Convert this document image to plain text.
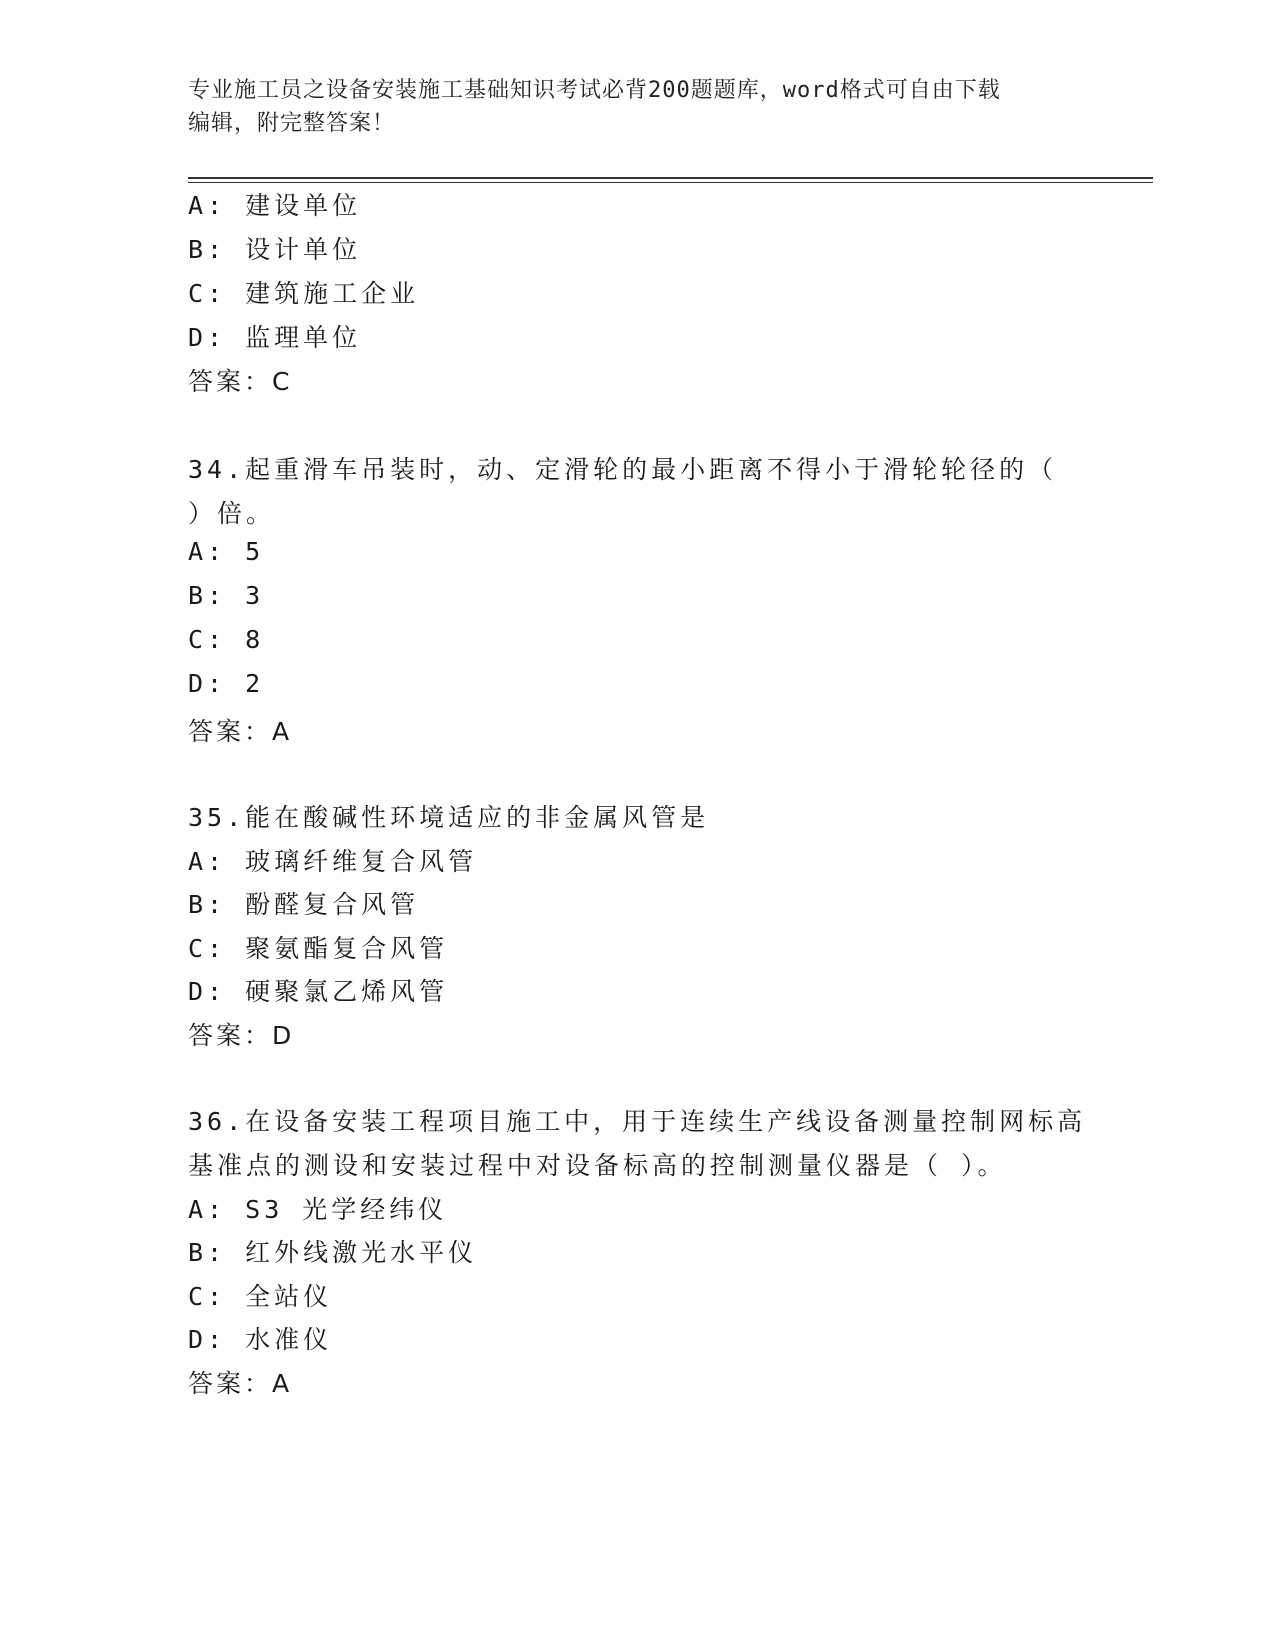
专业施工员之设备安装施工基础知识考试必背200题题库，word格式可自由下载
编辑，附完整答案！
A: 建设单位
B: 设计单位
C: 建筑施工企业
D: 监理单位
答案：C
34.起重滑车吊装时，动、定滑轮的最小距离不得小于滑轮轮径的（
）倍。
A: 5
B: 3
C: 8
D: 2
答案：A
35.能在酸碱性环境适应的非金属风管是
A: 玻璃纤维复合风管
B: 酚醛复合风管
C: 聚氨酯复合风管
D: 硬聚氯乙烯风管
答案：D
36.在设备安装工程项目施工中，用于连续生产线设备测量控制网标高
基准点的测设和安装过程中对设备标高的控制测量仪器是（ ）。
A: S3 光学经纬仪
B: 红外线激光水平仪
C: 全站仪
D: 水准仪
答案：A
